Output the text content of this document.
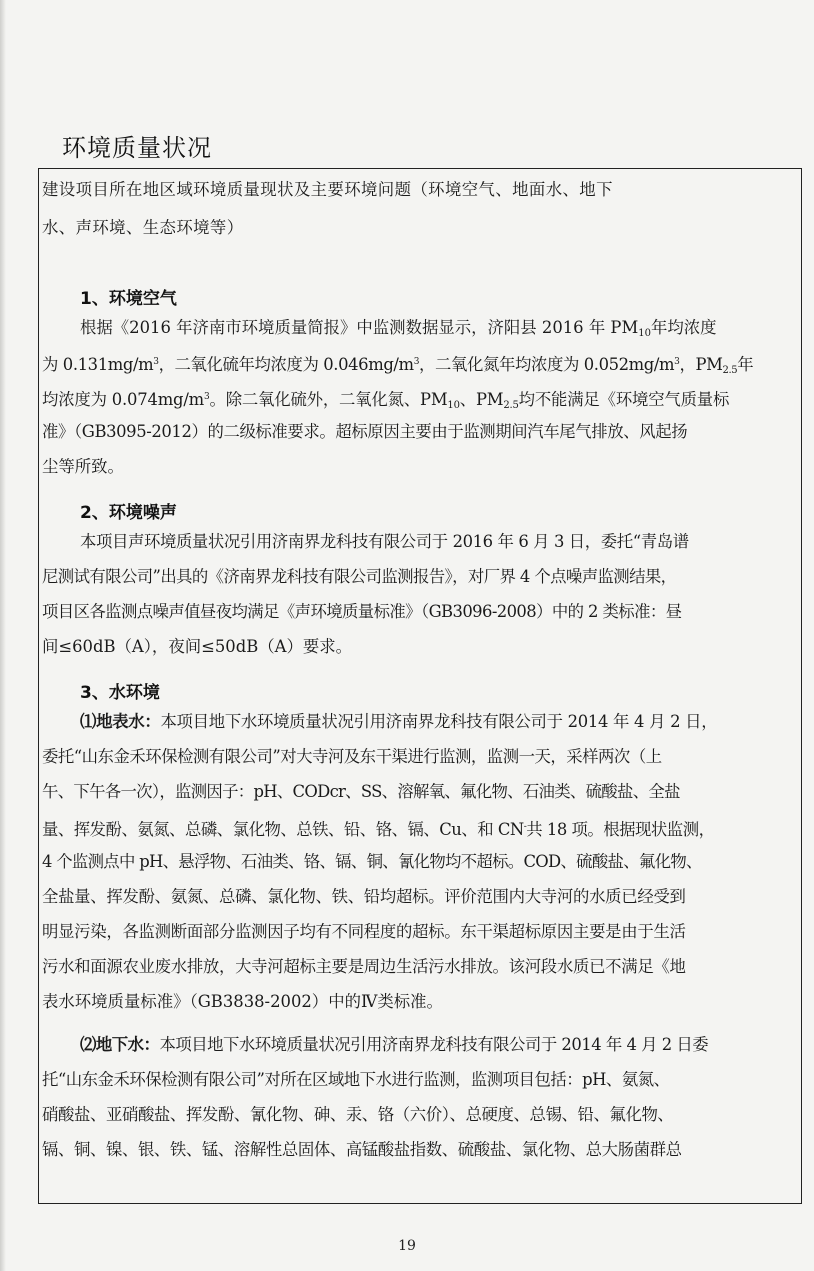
环境质量状况
建设项目所在地区域环境质量现状及主要环境问题（环境空气、地面水、地下
水、声环境、生态环境等）
1、环境空气
根据《2016 年济南市环境质量简报》中监测数据显示，济阳县 2016 年 $PM_{10}$年均浓度
为 $0.131mg/m^3$，二氧化硫年均浓度为 $0.046mg/m^3$，二氧化氮年均浓度为 $0.052mg/m^3$，$PM_{2.5}$年
均浓度为 $0.074mg/m^3$。除二氧化硫外，二氧化氮、$PM_{10}$、$PM_{2.5}$均不能满足《环境空气质量标
准》（GB3095-2012）的二级标准要求。超标原因主要由于监测期间汽车尾气排放、风起扬
尘等所致。
2、环境噪声
本项目声环境质量状况引用济南界龙科技有限公司于 2016 年 6 月 3 日，委托“青岛谱
尼测试有限公司”出具的《济南界龙科技有限公司监测报告》，对厂界 4 个点噪声监测结果，
项目区各监测点噪声值昼夜均满足《声环境质量标准》（GB3096-2008）中的 2 类标准：昼
间≤60dB（A），夜间≤50dB（A）要求。
3、水环境
⑴地表水：本项目地下水环境质量状况引用济南界龙科技有限公司于 2014 年 4 月 2 日，
委托“山东金禾环保检测有限公司”对大寺河及东干渠进行监测，监测一天，采样两次（上
午、下午各一次），监测因子：pH、CODcr、SS、溶解氧、氟化物、石油类、硫酸盐、全盐
量、挥发酚、氨氮、总磷、氯化物、总铁、铅、铬、镉、Cu、和 CN-共 18 项。根据现状监测，
4 个监测点中 pH、悬浮物、石油类、铬、镉、铜、氰化物均不超标。COD、硫酸盐、氟化物、
全盐量、挥发酚、氨氮、总磷、氯化物、铁、铅均超标。评价范围内大寺河的水质已经受到
明显污染，各监测断面部分监测因子均有不同程度的超标。东干渠超标原因主要是由于生活
污水和面源农业废水排放，大寺河超标主要是周边生活污水排放。该河段水质已不满足《地
表水环境质量标准》（GB3838-2002）中的Ⅳ类标准。
⑵地下水：本项目地下水环境质量状况引用济南界龙科技有限公司于 2014 年 4 月 2 日委
托“山东金禾环保检测有限公司”对所在区域地下水进行监测，监测项目包括：pH、氨氮、
硝酸盐、亚硝酸盐、挥发酚、氰化物、砷、汞、铬（六价）、总硬度、总锡、铅、氟化物、
镉、铜、镍、银、铁、锰、溶解性总固体、高锰酸盐指数、硫酸盐、氯化物、总大肠菌群总
19
